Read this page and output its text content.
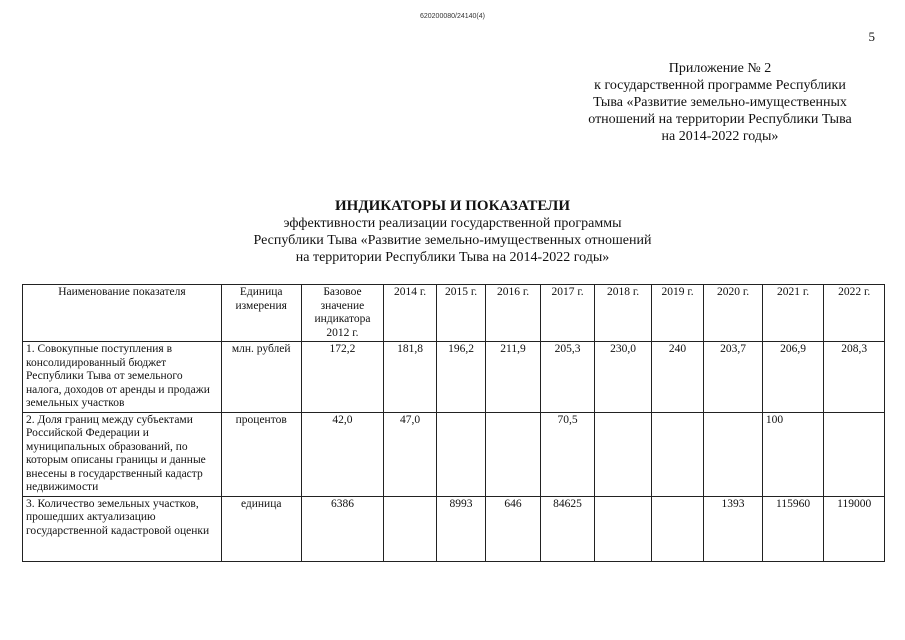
620200080/24140(4)
5
Приложение № 2
к государственной программе Республики
Тыва «Развитие земельно-имущественных
отношений на территории Республики Тыва
на 2014-2022 годы»
ИНДИКАТОРЫ И ПОКАЗАТЕЛИ
эффективности реализации государственной программы
Республики Тыва «Развитие земельно-имущественных отношений
на территории Республики Тыва на 2014-2022 годы»
Наименование показателя	Единица измерения	Базовое значение индикатора 2012 г.	2014 г.	2015 г.	2016 г.	2017 г.	2018 г.	2019 г.	2020 г.	2021 г.	2022 г.
1. Совокупные поступления в консолидированный бюджет Республики Тыва от земельного налога, доходов от аренды и продажи земельных участков	млн. рублей	172,2	181,8	196,2	211,9	205,3	230,0	240	203,7	206,9	208,3
2. Доля границ между субъектами Российской Федерации и муниципальных образований, по которым описаны границы и данные внесены в государственный кадастр недвижимости	процентов	42,0	47,0			70,5				100	
3. Количество земельных участков, прошедших актуализацию государственной кадастровой оценки	единица	6386		8993	646	84625			1393	115960	119000
